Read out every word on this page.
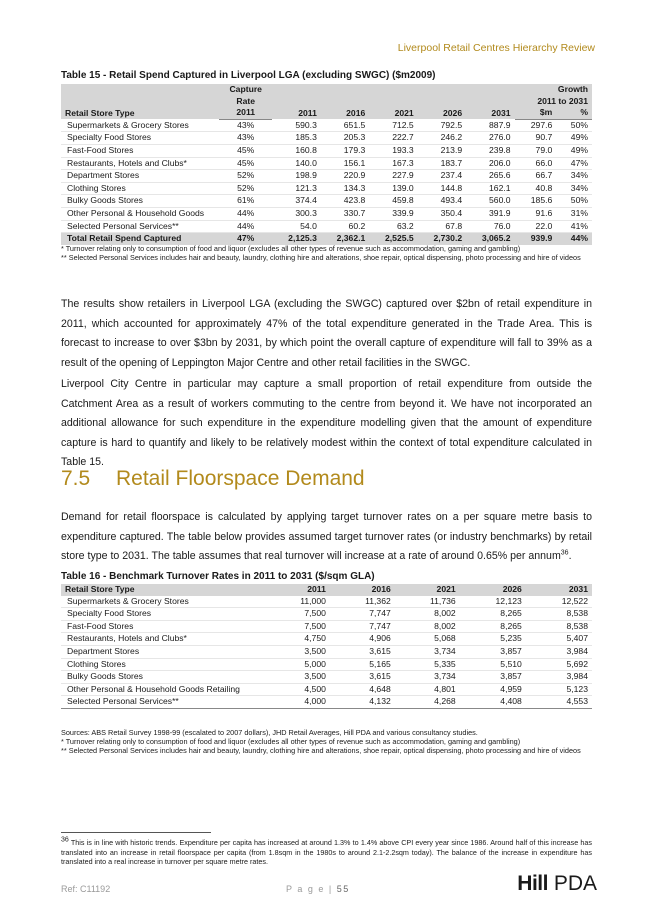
Liverpool Retail Centres Hierarchy Review
Table 15 - Retail Spend Captured in Liverpool LGA (excluding SWGC) ($m2009)
Retail Store Type	Capture	2011	2016	2021	2026	2031	Growth	
	Rate						2011 to 2031	
	2011						$m	%
Supermarkets & Grocery Stores	43%	590.3	651.5	712.5	792.5	887.9	297.6	50%
Specialty Food Stores	43%	185.3	205.3	222.7	246.2	276.0	90.7	49%
Fast-Food Stores	45%	160.8	179.3	193.3	213.9	239.8	79.0	49%
Restaurants, Hotels and Clubs*	45%	140.0	156.1	167.3	183.7	206.0	66.0	47%
Department Stores	52%	198.9	220.9	227.9	237.4	265.6	66.7	34%
Clothing Stores	52%	121.3	134.3	139.0	144.8	162.1	40.8	34%
Bulky Goods Stores	61%	374.4	423.8	459.8	493.4	560.0	185.6	50%
Other Personal & Household Goods	44%	300.3	330.7	339.9	350.4	391.9	91.6	31%
Selected Personal Services**	44%	54.0	60.2	63.2	67.8	76.0	22.0	41%
Total Retail Spend Captured	47%	2,125.3	2,362.1	2,525.5	2,730.2	3,065.2	939.9	44%
* Turnover relating only to consumption of food and liquor (excludes all other types of revenue such as accommodation, gaming and gambling)
** Selected Personal Services includes hair and beauty, laundry, clothing hire and alterations, shoe repair, optical dispensing, photo processing and hire of videos

The results show retailers in Liverpool LGA (excluding the SWGC) captured over $2bn of retail expenditure in 2011, which accounted for approximately 47% of the total expenditure generated in the Trade Area. This is forecast to increase to over $3bn by 2031, by which point the overall capture of expenditure will fall to 39% as a result of the opening of Leppington Major Centre and other retail facilities in the SWGC.

Liverpool City Centre in particular may capture a small proportion of retail expenditure from outside the Catchment Area as a result of workers commuting to the centre from beyond it. We have not incorporated an additional allowance for such expenditure in the expenditure modelling given that the amount of expenditure capture is hard to quantify and likely to be relatively modest within the context of total expenditure calculated in Table 15.

7.5 Retail Floorspace Demand

Demand for retail floorspace is calculated by applying target turnover rates on a per square metre basis to expenditure captured. The table below provides assumed target turnover rates (or industry benchmarks) by retail store type to 2031. The table assumes that real turnover will increase at a rate of around 0.65% per annum$^{36}$.

Table 16 - Benchmark Turnover Rates in 2011 to 2031 ($/sqm GLA)
Retail Store Type	2011	2016	2021	2026	2031
Supermarkets & Grocery Stores	11,000	11,362	11,736	12,123	12,522
Specialty Food Stores	7,500	7,747	8,002	8,265	8,538
Fast-Food Stores	7,500	7,747	8,002	8,265	8,538
Restaurants, Hotels and Clubs*	4,750	4,906	5,068	5,235	5,407
Department Stores	3,500	3,615	3,734	3,857	3,984
Clothing Stores	5,000	5,165	5,335	5,510	5,692
Bulky Goods Stores	3,500	3,615	3,734	3,857	3,984
Other Personal & Household Goods Retailing	4,500	4,648	4,801	4,959	5,123
Selected Personal Services**	4,000	4,132	4,268	4,408	4,553
Sources: ABS Retail Survey 1998-99 (escalated to 2007 dollars), JHD Retail Averages, Hill PDA and various consultancy studies.
* Turnover relating only to consumption of food and liquor (excludes all other types of revenue such as accommodation, gaming and gambling)
** Selected Personal Services includes hair and beauty, laundry, clothing hire and alterations, shoe repair, optical dispensing, photo processing and hire of videos
36 This is in line with historic trends. Expenditure per capita has increased at around 1.3% to 1.4% above CPI every year since 1986. Around half of this increase has translated into an increase in retail floorspace per capita (from 1.8sqm in the 1980s to around 2.1-2.2sqm today). The balance of the increase in expenditure has translated into a real increase in turnover per square metre rates.
Ref: C11192	P a g e | 55	Hill PDA
